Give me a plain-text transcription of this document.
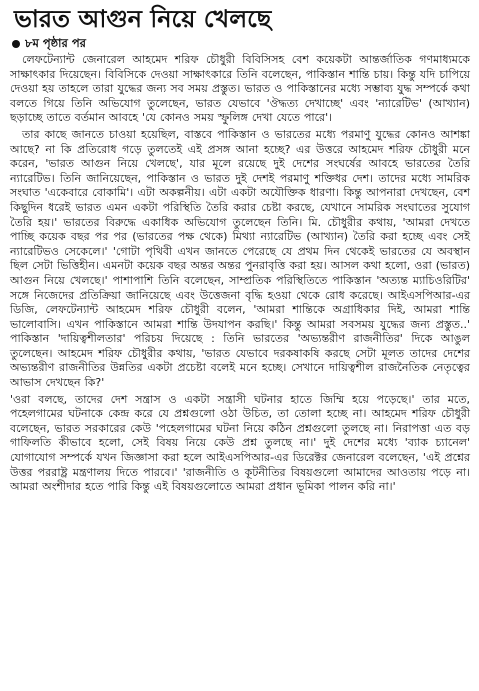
ভারত আগুন নিয়ে খেলছে
৮ম পৃষ্ঠার পর

লেফটেন্যান্ট জেনারেল আহমেদ শরিফ চৌধুরী বিবিসিসহ বেশ কয়েকটা আন্তর্জাতিক গণমাধ্যমকে সাক্ষাৎকার দিয়েছেন। বিবিসিকে দেওয়া সাক্ষাৎকারে তিনি বলেছেন, পাকিস্তান শান্তি চায়। কিন্তু যদি চাপিয়ে দেওয়া হয় তাহলে তারা যুদ্ধের জন্য সব সময় প্রস্তুত। ভারত ও পাকিস্তানের মধ্যে সম্ভাব্য যুদ্ধ সম্পর্কে কথা বলতে গিয়ে তিনি অভিযোগ তুলেছেন, ভারত যেভাবে 'ঔদ্ধত্য দেখাচ্ছে' এবং 'ন্যারেটিভ' (আখ্যান) ছড়াচ্ছে তাতে বর্তমান আবহে 'যে কোনও সময় স্ফুলিঙ্গ দেখা যেতে পারে'।

তার কাছে জানতে চাওয়া হয়েছিল, বাস্তবে পাকিস্তান ও ভারতের মধ্যে পরমাণু যুদ্ধের কোনও আশঙ্কা আছে? না কি প্রতিরোধ গড়ে তুলতেই এই প্রসঙ্গ আনা হচ্ছে? এর উত্তরে আহমেদ শরিফ চৌধুরী মনে করেন, 'ভারত আগুন নিয়ে খেলছে', যার মূলে রয়েছে দুই দেশের সংঘর্ষের আবহে ভারতের তৈরি ন্যারেটিভ। তিনি জানিয়েছেন, পাকিস্তান ও ভারত দুই দেশই পরমাণু শক্তিধর দেশ। তাদের মধ্যে সামরিক সংঘাত 'একেবারে বোকামি'। এটা অকল্পনীয়। এটা একটা অযৌক্তিক ধারণা। কিন্তু আপনারা দেখছেন, বেশ কিছুদিন ধরেই ভারত এমন একটা পরিস্থিতি তৈরি করার চেষ্টা করছে, যেখানে সামরিক সংঘাতের সুযোগ তৈরি হয়।' ভারতের বিরুদ্ধে একাধিক অভিযোগ তুলেছেন তিনি। মি. চৌধুরীর কথায়, 'আমরা দেখতে পাচ্ছি কয়েক বছর পর পর (ভারতের পক্ষ থেকে) মিথ্যা ন্যারেটিভ (আখ্যান) তৈরি করা হচ্ছে এবং সেই ন্যারেটিভও সেকেলে।' 'গোটা পৃথিবী এখন জানতে পেরেছে যে প্রথম দিন থেকেই ভারতের যে অবস্থান ছিল সেটা ভিত্তিহীন। এমনটা কয়েক বছর অন্তর অন্তর পুনরাবৃত্তি করা হয়। আসল কথা হলো, ওরা (ভারত) আগুন নিয়ে খেলছে।' পাশাপাশি তিনি বলেছেন, সাম্প্রতিক পরিস্থিতিতে পাকিস্তান 'অত্যন্ত ম্যাচিওরিটির' সঙ্গে নিজেদের প্রতিক্রিয়া জানিয়েছে এবং উত্তেজনা বৃদ্ধি হওয়া থেকে রোধ করেছে। আইএসপিআর-এর ডিজি, লেফটেন্যান্ট আহমেদ শরিফ চৌধুরী বলেন, 'আমরা শান্তিকে অগ্রাধিকার দিই, আমরা শান্তি ভালোবাসি। এখন পাকিস্তানে আমরা শান্তি উদযাপন করছি।' কিন্তু আমরা সবসময় যুদ্ধের জন্য প্রস্তুত..' পাকিস্তান 'দায়িত্বশীলতার' পরিচয় দিয়েছে : তিনি ভারতের 'অভ্যন্তরীণ রাজনীতির' দিকে আঙুল তুলেছেন। আহমেদ শরিফ চৌধুরীর কথায়, 'ভারত যেভাবে দরকষাকষি করছে সেটা মূলত তাদের দেশের অভ্যন্তরীণ রাজনীতির উন্নতির একটা প্রচেষ্টা বলেই মনে হচ্ছে। সেখানে দায়িত্বশীল রাজনৈতিক নেতৃত্বের আভাস দেখছেন কি?'

'ওরা বলছে, তাদের দেশ সন্ত্রাস ও একটা সন্ত্রাসী ঘটনার হাতে জিম্মি হয়ে পড়েছে।' তার মতে, পহেলগামের ঘটনাকে কেন্দ্র করে যে প্রশ্নগুলো ওঠা উচিত, তা তোলা হচ্ছে না। আহমেদ শরিফ চৌধুরী বলেছেন, ভারত সরকারের কেউ 'পহেলগামের ঘটনা নিয়ে কঠিন প্রশ্নগুলো তুলছে না। নিরাপত্তা এত বড় গাফিলতি কীভাবে হলো, সেই বিষয় নিয়ে কেউ প্রশ্ন তুলছে না।' দুই দেশের মধ্যে 'ব্যাক চ্যানেল' যোগাযোগ সম্পর্কে যখন জিজ্ঞাসা করা হলে আইএসপিআর-এর ডিরেক্টর জেনারেল বলেছেন, 'এই প্রশ্নের উত্তর পররাষ্ট্র মন্ত্রণালয় দিতে পারবে।' 'রাজনীতি ও কূটনীতির বিষয়গুলো আমাদের আওতায় পড়ে না। আমরা অংশীদার হতে পারি কিন্তু এই বিষয়গুলোতে আমরা প্রধান ভূমিকা পালন করি না।'
